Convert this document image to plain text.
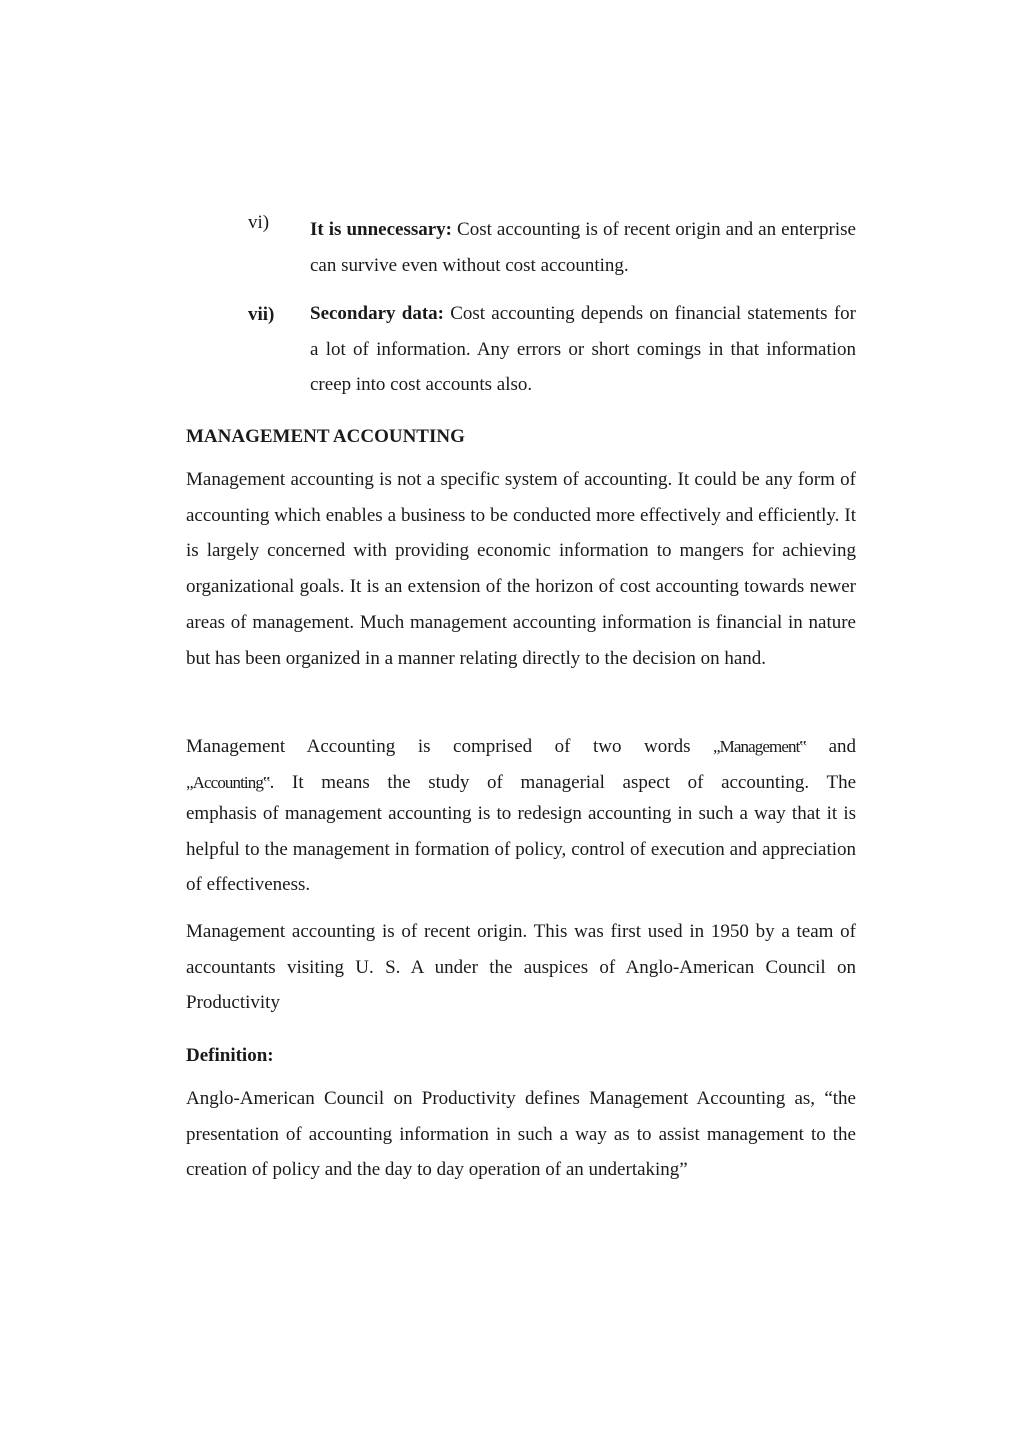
vi)	It is unnecessary: Cost accounting is of recent origin and an enterprise can survive even without cost accounting.
vii)	Secondary data: Cost accounting depends on financial statements for a lot of information. Any errors or short comings in that information creep into cost accounts also.
MANAGEMENT ACCOUNTING
Management accounting is not a specific system of accounting. It could be any form of accounting which enables a business to be conducted more effectively and efficiently. It is largely concerned with providing economic information to mangers for achieving organizational goals. It is an extension of the horizon of cost accounting towards newer areas of management. Much management accounting information is financial in nature but has been organized in a manner relating directly to the decision on hand.
Management Accounting is comprised of two words „Management‟ and
„Accounting‟. It means the study of managerial aspect of accounting. The
emphasis of management accounting is to redesign accounting in such a way that it is helpful to the management in formation of policy, control of execution and appreciation of effectiveness.
Management accounting is of recent origin. This was first used in 1950 by a team of accountants visiting U. S. A under the auspices of Anglo-American Council on Productivity
Definition:
Anglo-American Council on Productivity defines Management Accounting as, “the presentation of accounting information in such a way as to assist management to the creation of policy and the day to day operation of an undertaking”
